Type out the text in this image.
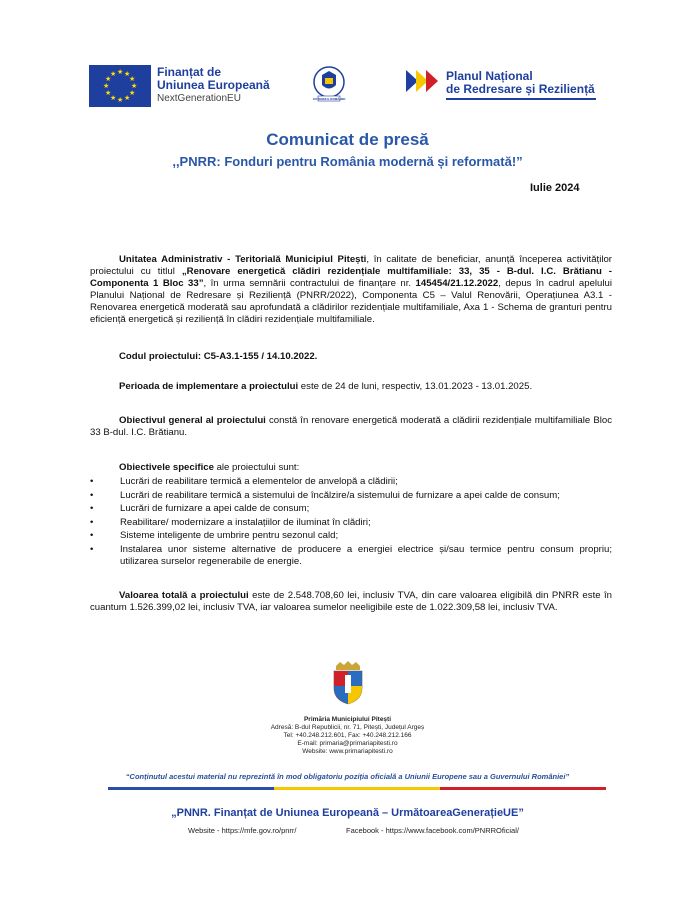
★ ★
★
★
★
★
★
★
★
★
★
★	Finanțat de
Uniunea Europeană
NextGenerationEU	GUVERNUL ROMÂNIEI
Planul Național
de Redresare și Reziliență
Comunicat de presă
,,PNRR: Fonduri pentru România modernă și reformată!”
Iulie 2024
Unitatea Administrativ - Teritorială Municipiul Pitești, în calitate de beneficiar, anunță începerea activităților proiectului cu titlul „Renovare energetică clădiri rezidențiale multifamiliale: 33, 35 - B-dul. I.C. Brătianu - Componenta 1 Bloc 33”, în urma semnării contractului de finanțare nr. 145454/21.12.2022, depus în cadrul apelului Planului Național de Redresare și Reziliență (PNRR/2022), Componenta C5 – Valul Renovării, Operațiunea A3.1 - Renovarea energetică moderată sau aprofundată a clădirilor rezidențiale multifamiliale, Axa 1 - Schema de granturi pentru eficiență energetică și reziliență în clădiri rezidențiale multifamiliale.
Codul proiectului: C5-A3.1-155 / 14.10.2022.
Perioada de implementare a proiectului este de 24 de luni, respectiv, 13.01.2023 - 13.01.2025.
Obiectivul general al proiectului constă în renovare energetică moderată a clădirii rezidențiale multifamiliale Bloc 33 B-dul. I.C. Brătianu.
Obiectivele specifice ale proiectului sunt:
•	Lucrări de reabilitare termică a elementelor de anvelopă a clădirii;
•	Lucrări de reabilitare termică a sistemului de încălzire/a sistemului de furnizare a apei calde de consum;
•	Lucrări de furnizare a apei calde de consum;
•	Reabilitare/ modernizare a instalațiilor de iluminat în clădiri;
•	Sisteme inteligente de umbrire pentru sezonul cald;
•	Instalarea unor sisteme alternative de producere a energiei electrice și/sau termice pentru consum propriu; utilizarea surselor regenerabile de energie.
Valoarea totală a proiectului este de 2.548.708,60 lei, inclusiv TVA, din care valoarea eligibilă din PNRR este în cuantum 1.526.399,02 lei, inclusiv TVA, iar valoarea sumelor neeligibile este de 1.022.309,58 lei, inclusiv TVA.
Primăria Municipiului Pitești
Adresă: B-dul Republicii, nr. 71, Pitești, Județul Argeș
Tel: +40.248.212.601, Fax: +40.248.212.166
E-mail: primaria@primariapitesti.ro
Website: www.primariapitesti.ro
“Conținutul acestui material nu reprezintă în mod obligatoriu poziția oficială a Uniunii Europene sau a Guvernului României”
„PNNR. Finanțat de Uniunea Europeană – UrmătoareaGenerațieUE”
Website - https://mfe.gov.ro/pnrr/	Facebook - https://www.facebook.com/PNRROficial/
